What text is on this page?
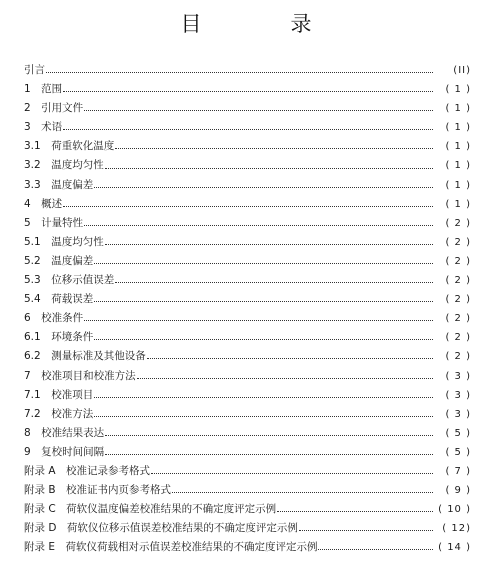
目　录
引言	(II)
1　范围	( 1 )
2　引用文件	( 1 )
3　术语	( 1 )
3.1　荷重软化温度	( 1 )
3.2　温度均匀性	( 1 )
3.3　温度偏差	( 1 )
4　概述	( 1 )
5　计量特性	( 2 )
5.1　温度均匀性	( 2 )
5.2　温度偏差	( 2 )
5.3　位移示值误差	( 2 )
5.4　荷载误差	( 2 )
6　校准条件	( 2 )
6.1　环境条件	( 2 )
6.2　测量标准及其他设备	( 2 )
7　校准项目和校准方法	( 3 )
7.1　校准项目	( 3 )
7.2　校准方法	( 3 )
8　校准结果表达	( 5 )
9　复校时间间隔	( 5 )
附录 A　校准记录参考格式	( 7 )
附录 B　校准证书内页参考格式	( 9 )
附录 C　荷软仪温度偏差校准结果的不确定度评定示例	( 10 )
附录 D　荷软仪位移示值误差校准结果的不确定度评定示例	( 12)
附录 E　荷软仪荷载相对示值误差校准结果的不确定度评定示例	( 14 )
